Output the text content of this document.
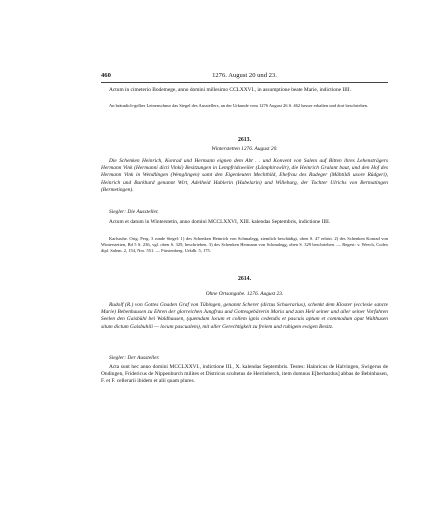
460	1276. August 20 und 23.

Actum in cimeterio Bodemege, anno domini millesimo CCLXXVI., in assumptione beate Marie, indictione IIII.

An bräunlich-gelber Leinenschnur das Siegel des Ausstellers, an der Urkunde vom 1276 August 26 S. 462 besser erhalten und dort beschrieben.

2613.
Winterstetten 1276. August 20.

Die Schenken Heinrich, Konrad und Hermann eignen dem Abt . . und Konvent von Salem auf Bitten ihres Lehensträgers Hermann Vink (Hermanni dicti Vinki) Besitzungen in Lempfridsweiler (Lâmphirswîlr), die Heinrich Gralant baut, und den Hof des Hermann Vink in Wendlingen (Wenglingen) samt den Eigenleuten Mechthild, Ehefrau des Rudeger (Mähtildi uxore Rûdgeri), Heinrich und Burkhard genannt Wirt, Adelheid Hublerin (Hubelarin) und Willeburg, der Tochter Ulrichs von Bermatingen (Bermetingen).

Siegler: Die Aussteller.

Actum et datum in Winterstetin, anno domini MCCLXXVI, XIII. kalendas Septembris, indictione IIII.

Karlsruhe. Orig. Perg. 3 runde Siegel: 1) des Schenken Heinrich von Schmalegg, ziemlich beschädigt, oben S. 47 erhört. 2) des Schenken Konrad von Winterstetten, Bd 5 S. 236, vgl. oben S. 329, beschrieben. 3) des Schenken Hermann von Schmalegg, oben S. 329 beschrieben. — Regest: v. Weech, Codex dipl. Salem. 2, 154, Nro. 551. — Fürstenberg. Urkdb. 5, 175.

2614.
Ohne Ortsangabe. 1276. August 23.

Rudolf (R.) von Gottes Gnaden Graf von Tübingen, genannt Scherer (dictus Schaerarius), schenkt dem Kloster (ecclesie sancte Marie) Bebenhausen zu Ehren der glorreichen Jungfrau und Gottesgebärerin Maria und zum Heil seiner und aller seiner Vorfahren Seelen den Gaisbühl bei Waldhausen, (quemdam locum et collem ignis cedendis et pascuis aptum et commodum aput Walthusen situm dictum Gaisbuhili — locum pascualem), mit aller Gerechtigkeit zu freiem und ruhigem ewigen Besitz.

Siegler: Der Aussteller.

Acta sunt hec anno domini MCCLXXVI., indictione III., X. kalendas Septembris. Testes: Hainricus de Halvingen, Swigerus de Ondingen, Fridericus de Nippenburch milites et Districus scultetus de Herrinberch, item domnus E[berhardus] abbas de Bebinhusen, F. et F. cellerarii ibidem et alii quam plures.
